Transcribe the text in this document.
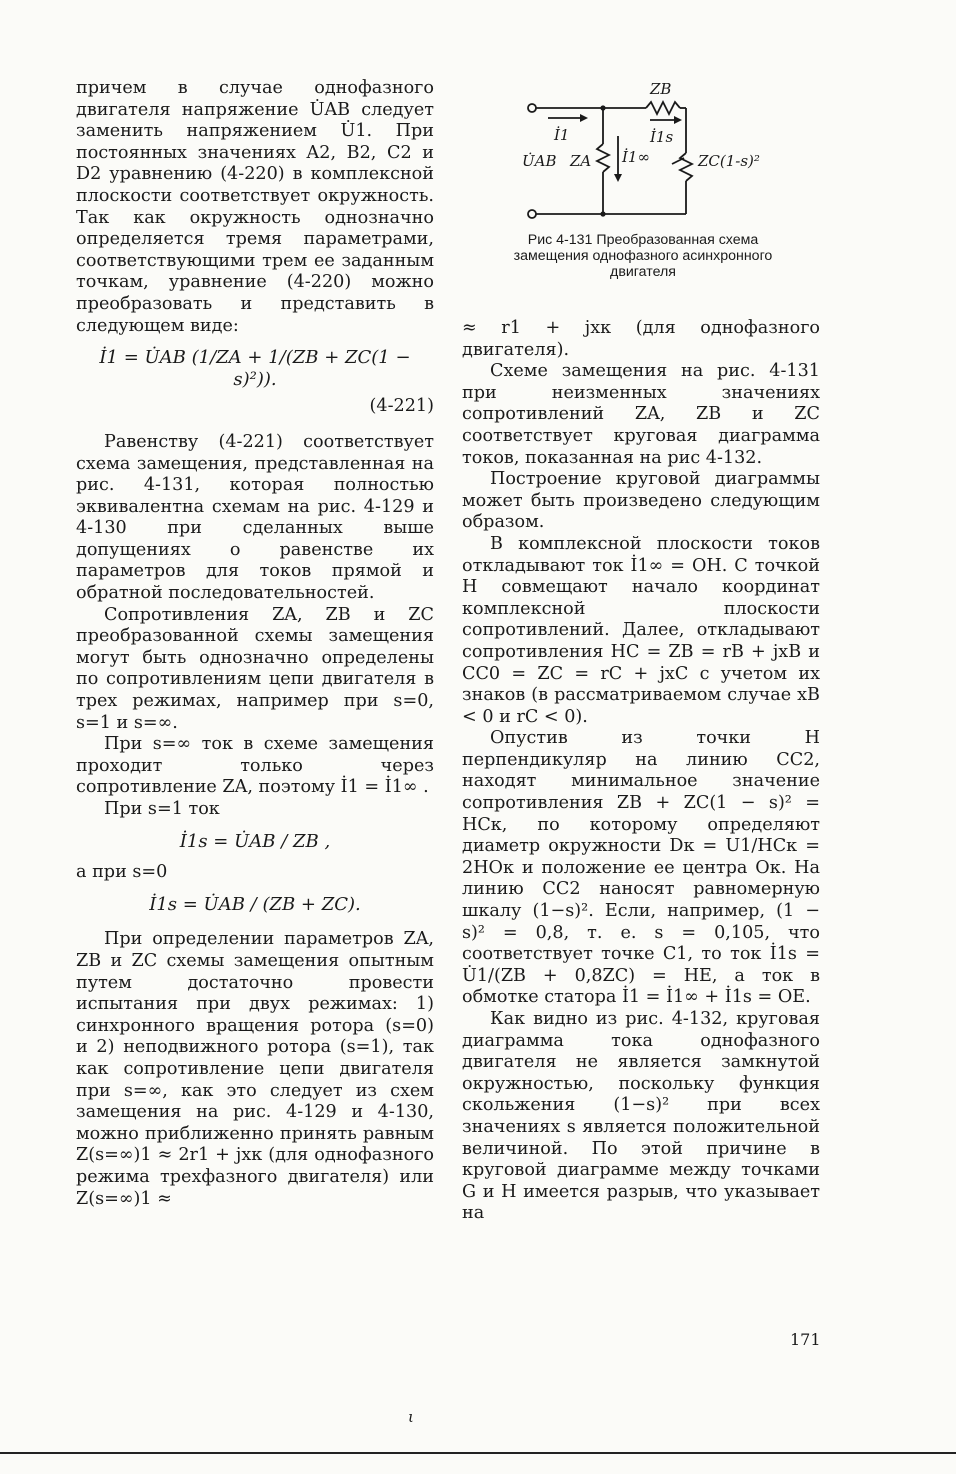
причем в случае однофазного двигателя напряжение U̇AB следует заменить напряжением U̇1. При постоянных значениях A2, B2, C2 и D2 уравнению (4-220) в комплексной плоскости соответствует окружность. Так как окружность однозначно определяется тремя параметрами, соответствующими трем ее заданным точкам, уравнение (4-220) можно преобразовать и представить в следующем виде:

İ1 = U̇AB (1/ZA + 1/(ZB + ZC(1 − s)²)).

(4-221)

Равенству (4-221) соответствует схема замещения, представленная на рис. 4-131, которая полностью эквивалентна схемам на рис. 4-129 и 4-130 при сделанных выше допущениях о равенстве их параметров для токов прямой и обратной последовательностей.

Сопротивления ZA, ZB и ZC преобразованной схемы замещения могут быть однозначно определены по сопротивлениям цепи двигателя в трех режимах, например при s=0, s=1 и s=∞.

При s=∞ ток в схеме замещения проходит только через сопротивление ZA, поэтому İ1 = İ1∞ .

При s=1 ток

İ1s = U̇AB / ZB ,

а при s=0

İ1s = U̇AB / (ZB + ZC).

При определении параметров ZA, ZB и ZC схемы замещения опытным путем достаточно провести испытания при двух режимах: 1) синхронного вращения ротора (s=0) и 2) неподвижного ротора (s=1), так как сопротивление цепи двигателя при s=∞, как это следует из схем замещения на рис. 4-129 и 4-130, можно приближенно принять равным Z(s=∞)1 ≈ 2r1 + jxк (для однофазного режима трехфазного двигателя) или Z(s=∞)1 ≈

ZB
İ1	İ1s
U̇AB ZA İ1∞	ZC(1-s)²
Рис 4-131 Преобразованная схема замещения однофазного асинхронного двигателя

≈ r1 + jxк (для однофазного двигателя).

Схеме замещения на рис. 4-131 при неизменных значениях сопротивлений ZA, ZB и ZC соответствует круговая диаграмма токов, показанная на рис 4-132.

Построение круговой диаграммы может быть произведено следующим образом.

В комплексной плоскости токов откладывают ток İ1∞ = OH. С точкой H совмещают начало координат комплексной плоскости сопротивлений. Далее, откладывают сопротивления HC = ZB = rB + jxB и CC0 = ZC = rC + jxC с учетом их знаков (в рассматриваемом случае xB < 0 и rC < 0).

Опустив из точки H перпендикуляр на линию CC2, находят минимальное значение сопротивления ZB + ZC(1 − s)² = HCк, по которому определяют диаметр окружности Dк = U1/HCк = 2HOк и положение ее центра Oк. На линию CC2 наносят равномерную шкалу (1−s)². Если, например, (1 − s)² = 0,8, т. е. s = 0,105, что соответствует точке C1, то ток İ1s = U̇1/(ZB + 0,8ZC) = HE, а ток в обмотке статора İ1 = İ1∞ + İ1s = OE.

Как видно из рис. 4-132, круговая диаграмма тока однофазного двигателя не является замкнутой окружностью, поскольку функция скольжения (1−s)² при всех значениях s является положительной величиной. По этой причине в круговой диаграмме между точками G и H имеется разрыв, что указывает на

171
ι
